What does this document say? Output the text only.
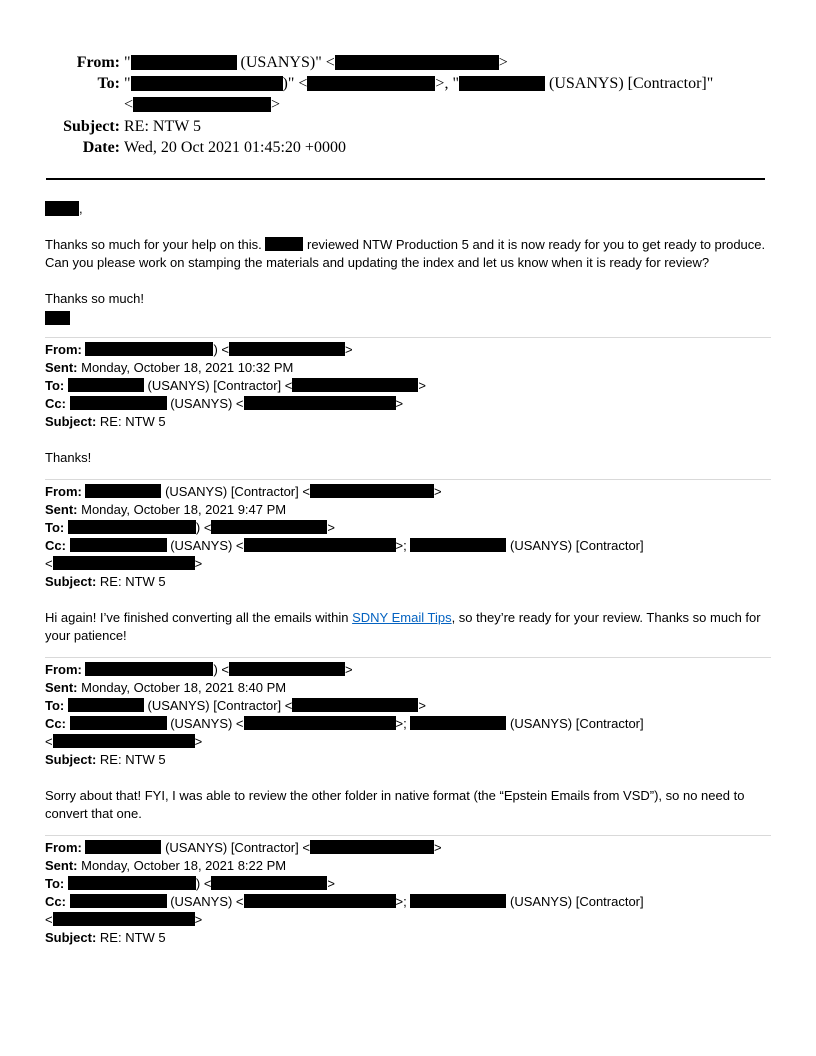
From: "	(USANYS)" <	>
To: "	)" <	>, "	(USANYS) [Contractor]"
<	>
Subject: RE: NTW 5
Date: Wed, 20 Oct 2021 01:45:20 +0000
,

Thanks so much for your help on this.	reviewed NTW Production 5 and it is now ready for you to get ready to produce. Can you please work on stamping the materials and updating the index and let us know when it is ready for review?

Thanks so much!

From:	) <	>
Sent: Monday, October 18, 2021 10:32 PM
To:	(USANYS) [Contractor] <	>
Cc:	(USANYS) <	>
Subject: RE: NTW 5

Thanks!

From:	(USANYS) [Contractor] <	>
Sent: Monday, October 18, 2021 9:47 PM
To:	) <	>
Cc:	(USANYS) <	>;	(USANYS) [Contractor]
<	>
Subject: RE: NTW 5

Hi again! I’ve finished converting all the emails within SDNY Email Tips, so they’re ready for your review. Thanks so much for your patience!

From:	) <	>
Sent: Monday, October 18, 2021 8:40 PM
To:	(USANYS) [Contractor] <	>
Cc:	(USANYS) <	>;	(USANYS) [Contractor]
<	>
Subject: RE: NTW 5

Sorry about that! FYI, I was able to review the other folder in native format (the “Epstein Emails from VSD”), so no need to convert that one.

From:	(USANYS) [Contractor] <	>
Sent: Monday, October 18, 2021 8:22 PM
To:	) <	>
Cc:	(USANYS) <	>;	(USANYS) [Contractor]
<	>
Subject: RE: NTW 5
